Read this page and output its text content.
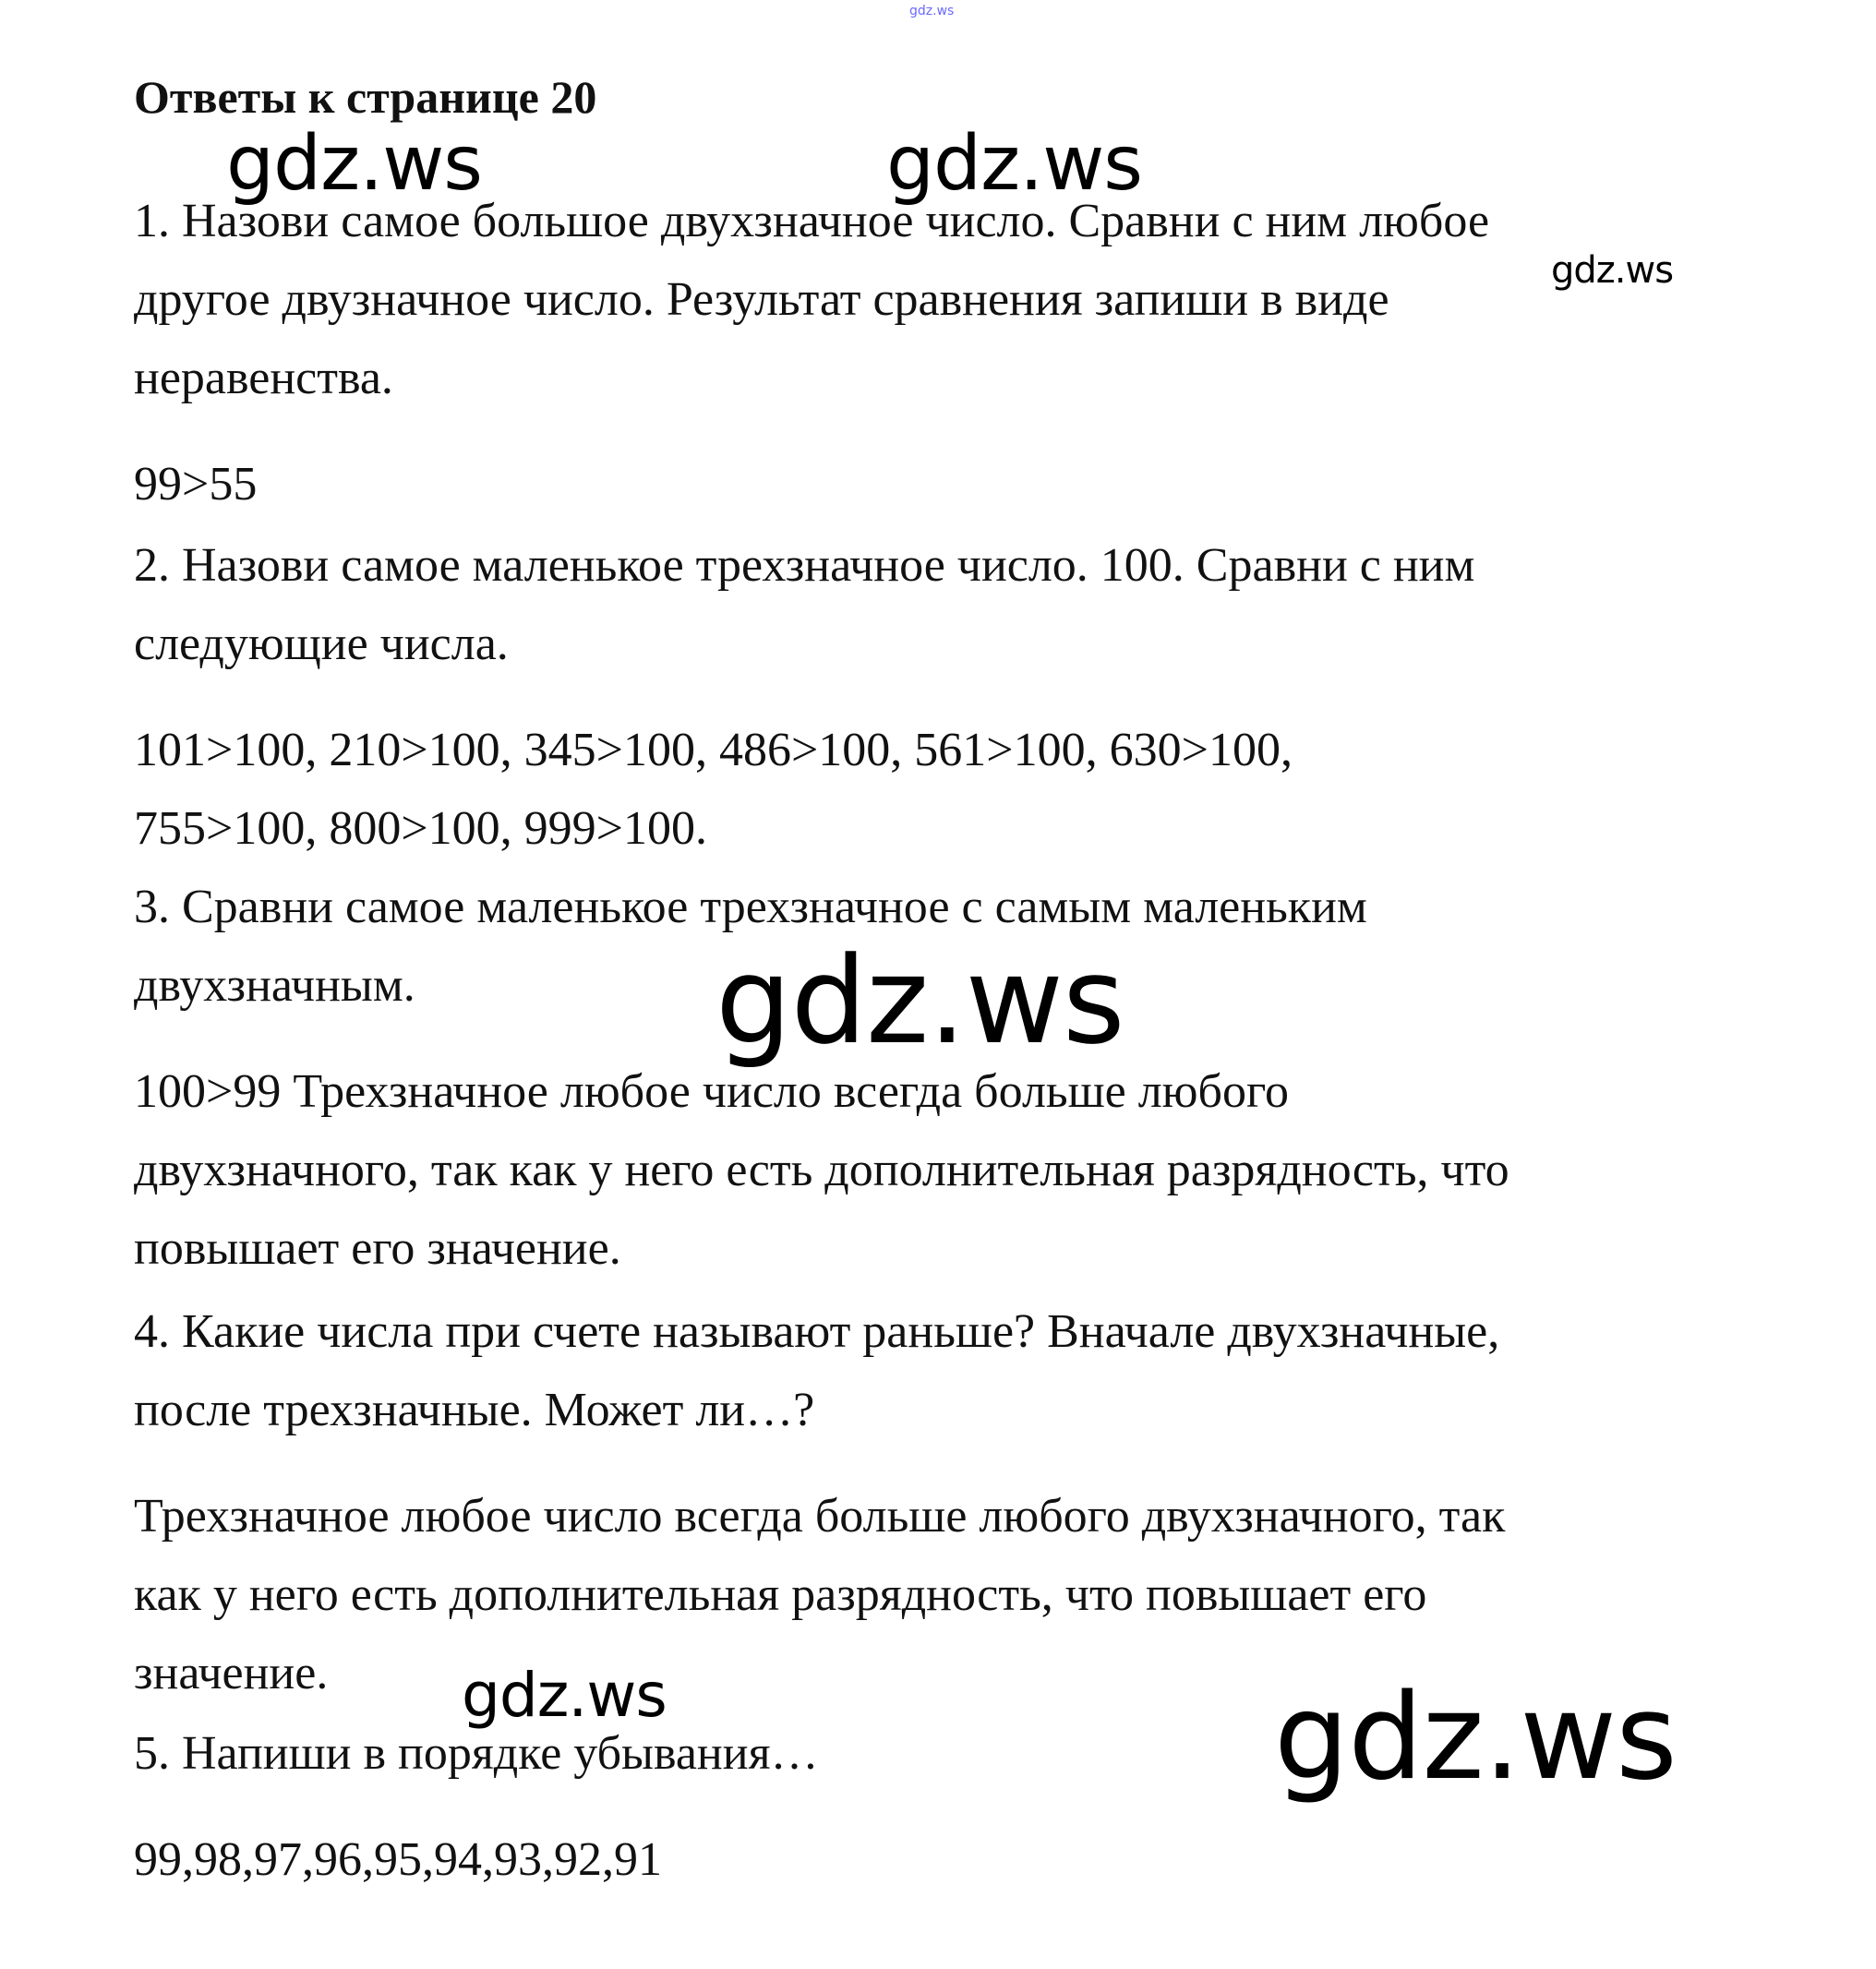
gdz.ws
Ответы к странице 20
1. Назови самое большое двухзначное число. Сравни с ним любое
другое двузначное число. Результат сравнения запиши в виде
неравенства.
99>55
2. Назови самое маленькое трехзначное число. 100. Сравни с ним
следующие числа.
101>100, 210>100, 345>100, 486>100, 561>100, 630>100,
755>100, 800>100, 999>100.
3. Сравни самое маленькое трехзначное с самым маленьким
двухзначным.
100>99 Трехзначное любое число всегда больше любого
двухзначного, так как у него есть дополнительная разрядность, что
повышает его значение.
4. Какие числа при счете называют раньше? Вначале двухзначные,
после трехзначные. Может ли…?
Трехзначное любое число всегда больше любого двухзначного, так
как у него есть дополнительная разрядность, что повышает его
значение.
5. Напиши в порядке убывания…
99,98,97,96,95,94,93,92,91
gdz.ws	gdz.ws
gdz.ws
gdz.ws
gdz.ws	gdz.ws
